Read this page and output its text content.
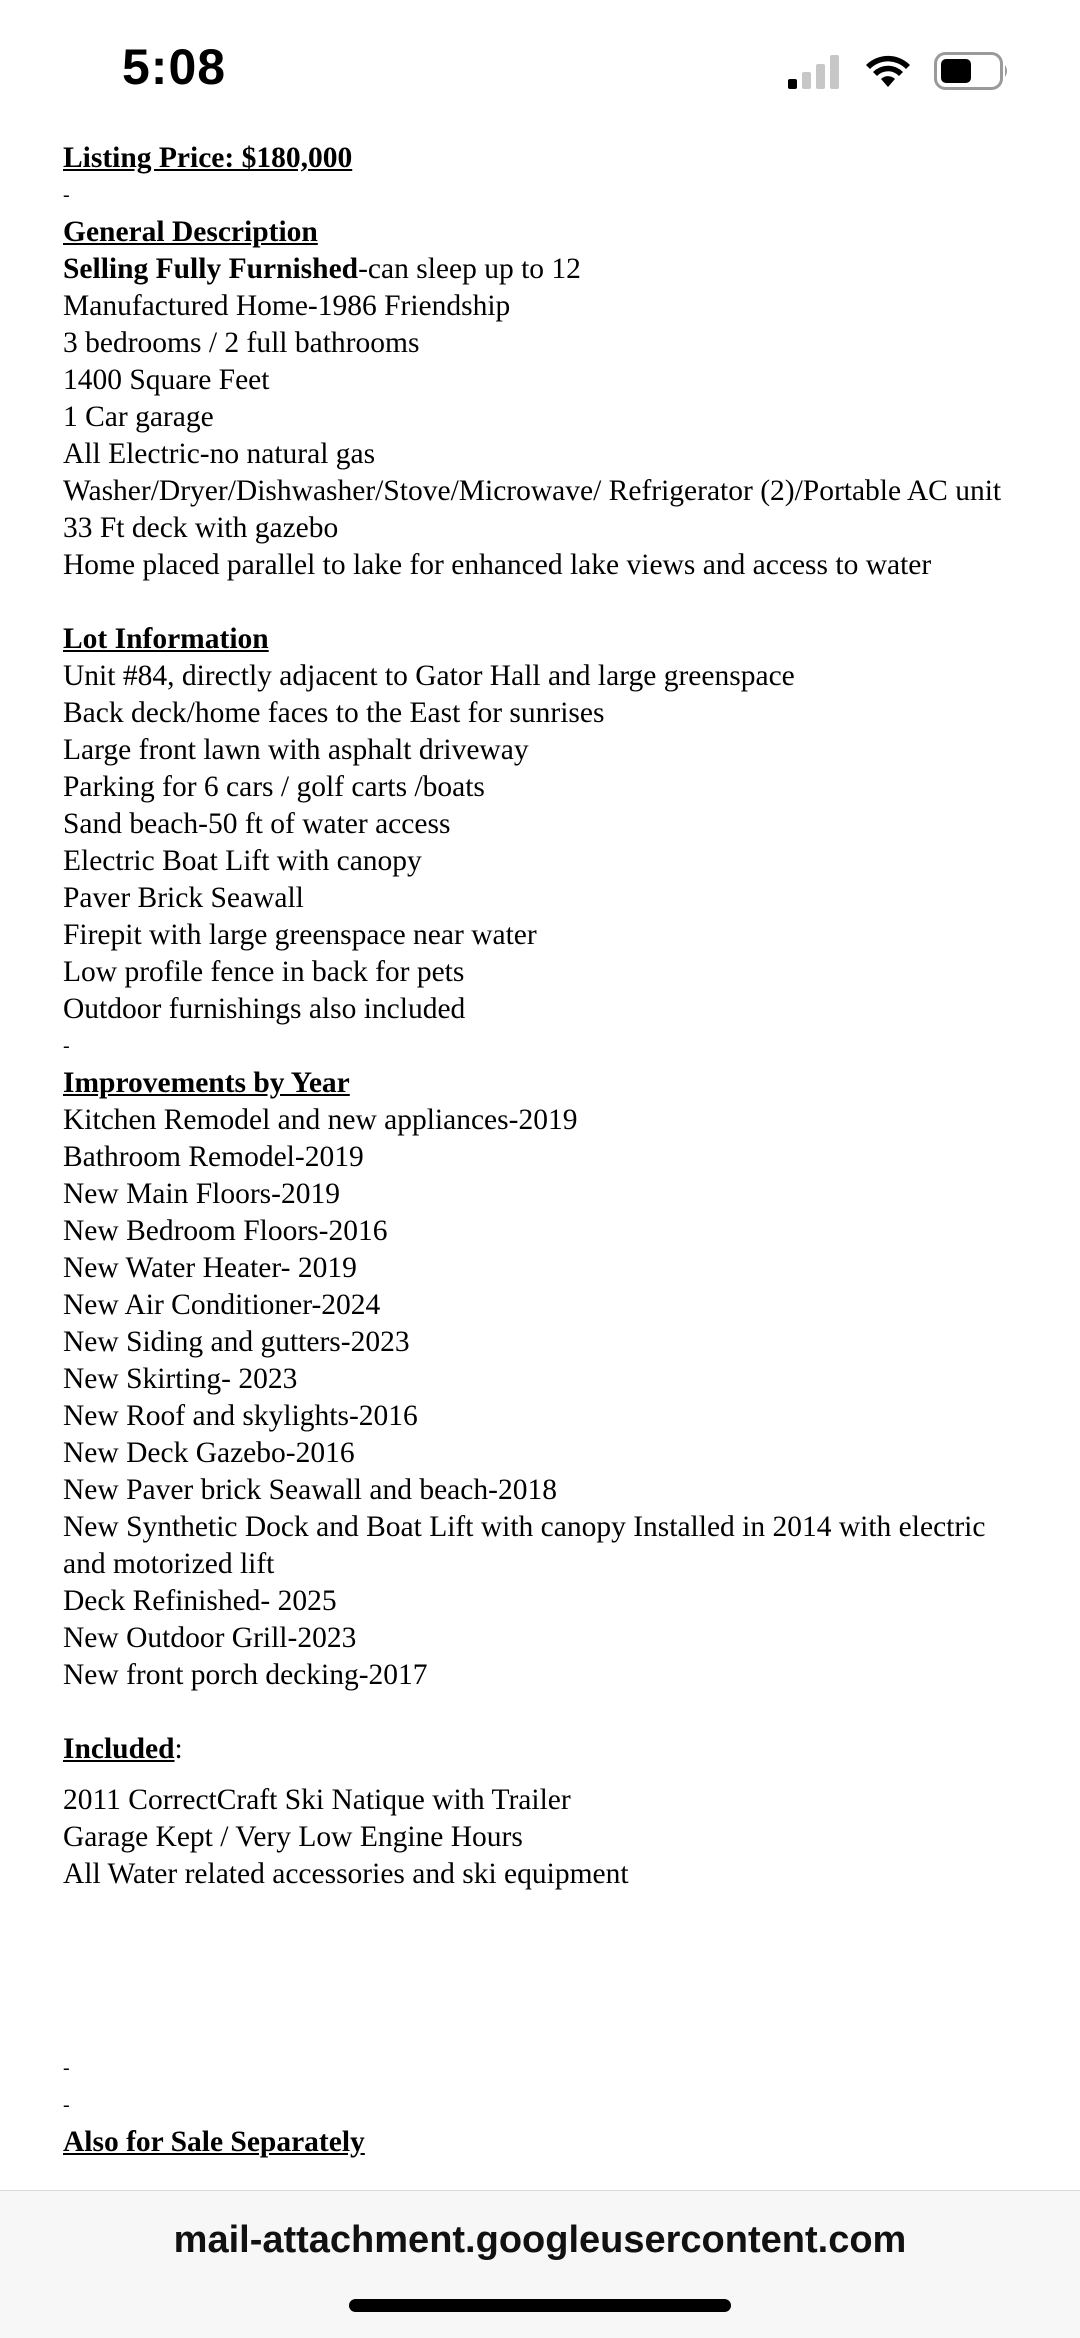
5:08
Listing Price: $180,000
-
General Description
Selling Fully Furnished-can sleep up to 12
Manufactured Home-1986 Friendship
3 bedrooms / 2 full bathrooms
1400 Square Feet
1 Car garage
All Electric-no natural gas
Washer/Dryer/Dishwasher/Stove/Microwave/ Refrigerator (2)/Portable AC unit
33 Ft deck with gazebo
Home placed parallel to lake for enhanced lake views and access to water
Lot Information
Unit #84, directly adjacent to Gator Hall and large greenspace
Back deck/home faces to the East for sunrises
Large front lawn with asphalt driveway
Parking for 6 cars / golf carts /boats
Sand beach-50 ft of water access
Electric Boat Lift with canopy
Paver Brick Seawall
Firepit with large greenspace near water
Low profile fence in back for pets
Outdoor furnishings also included
-
Improvements by Year
Kitchen Remodel and new appliances-2019
Bathroom Remodel-2019
New Main Floors-2019
New Bedroom Floors-2016
New Water Heater- 2019
New Air Conditioner-2024
New Siding and gutters-2023
New Skirting- 2023
New Roof and skylights-2016
New Deck Gazebo-2016
New Paver brick Seawall and beach-2018
New Synthetic Dock and Boat Lift with canopy Installed in 2014 with electric and motorized lift
Deck Refinished- 2025
New Outdoor Grill-2023
New front porch decking-2017
Included:
2011 CorrectCraft Ski Natique with Trailer
Garage Kept / Very Low Engine Hours
All Water related accessories and ski equipment
-
-
Also for Sale Separately
mail-attachment.googleusercontent.com
